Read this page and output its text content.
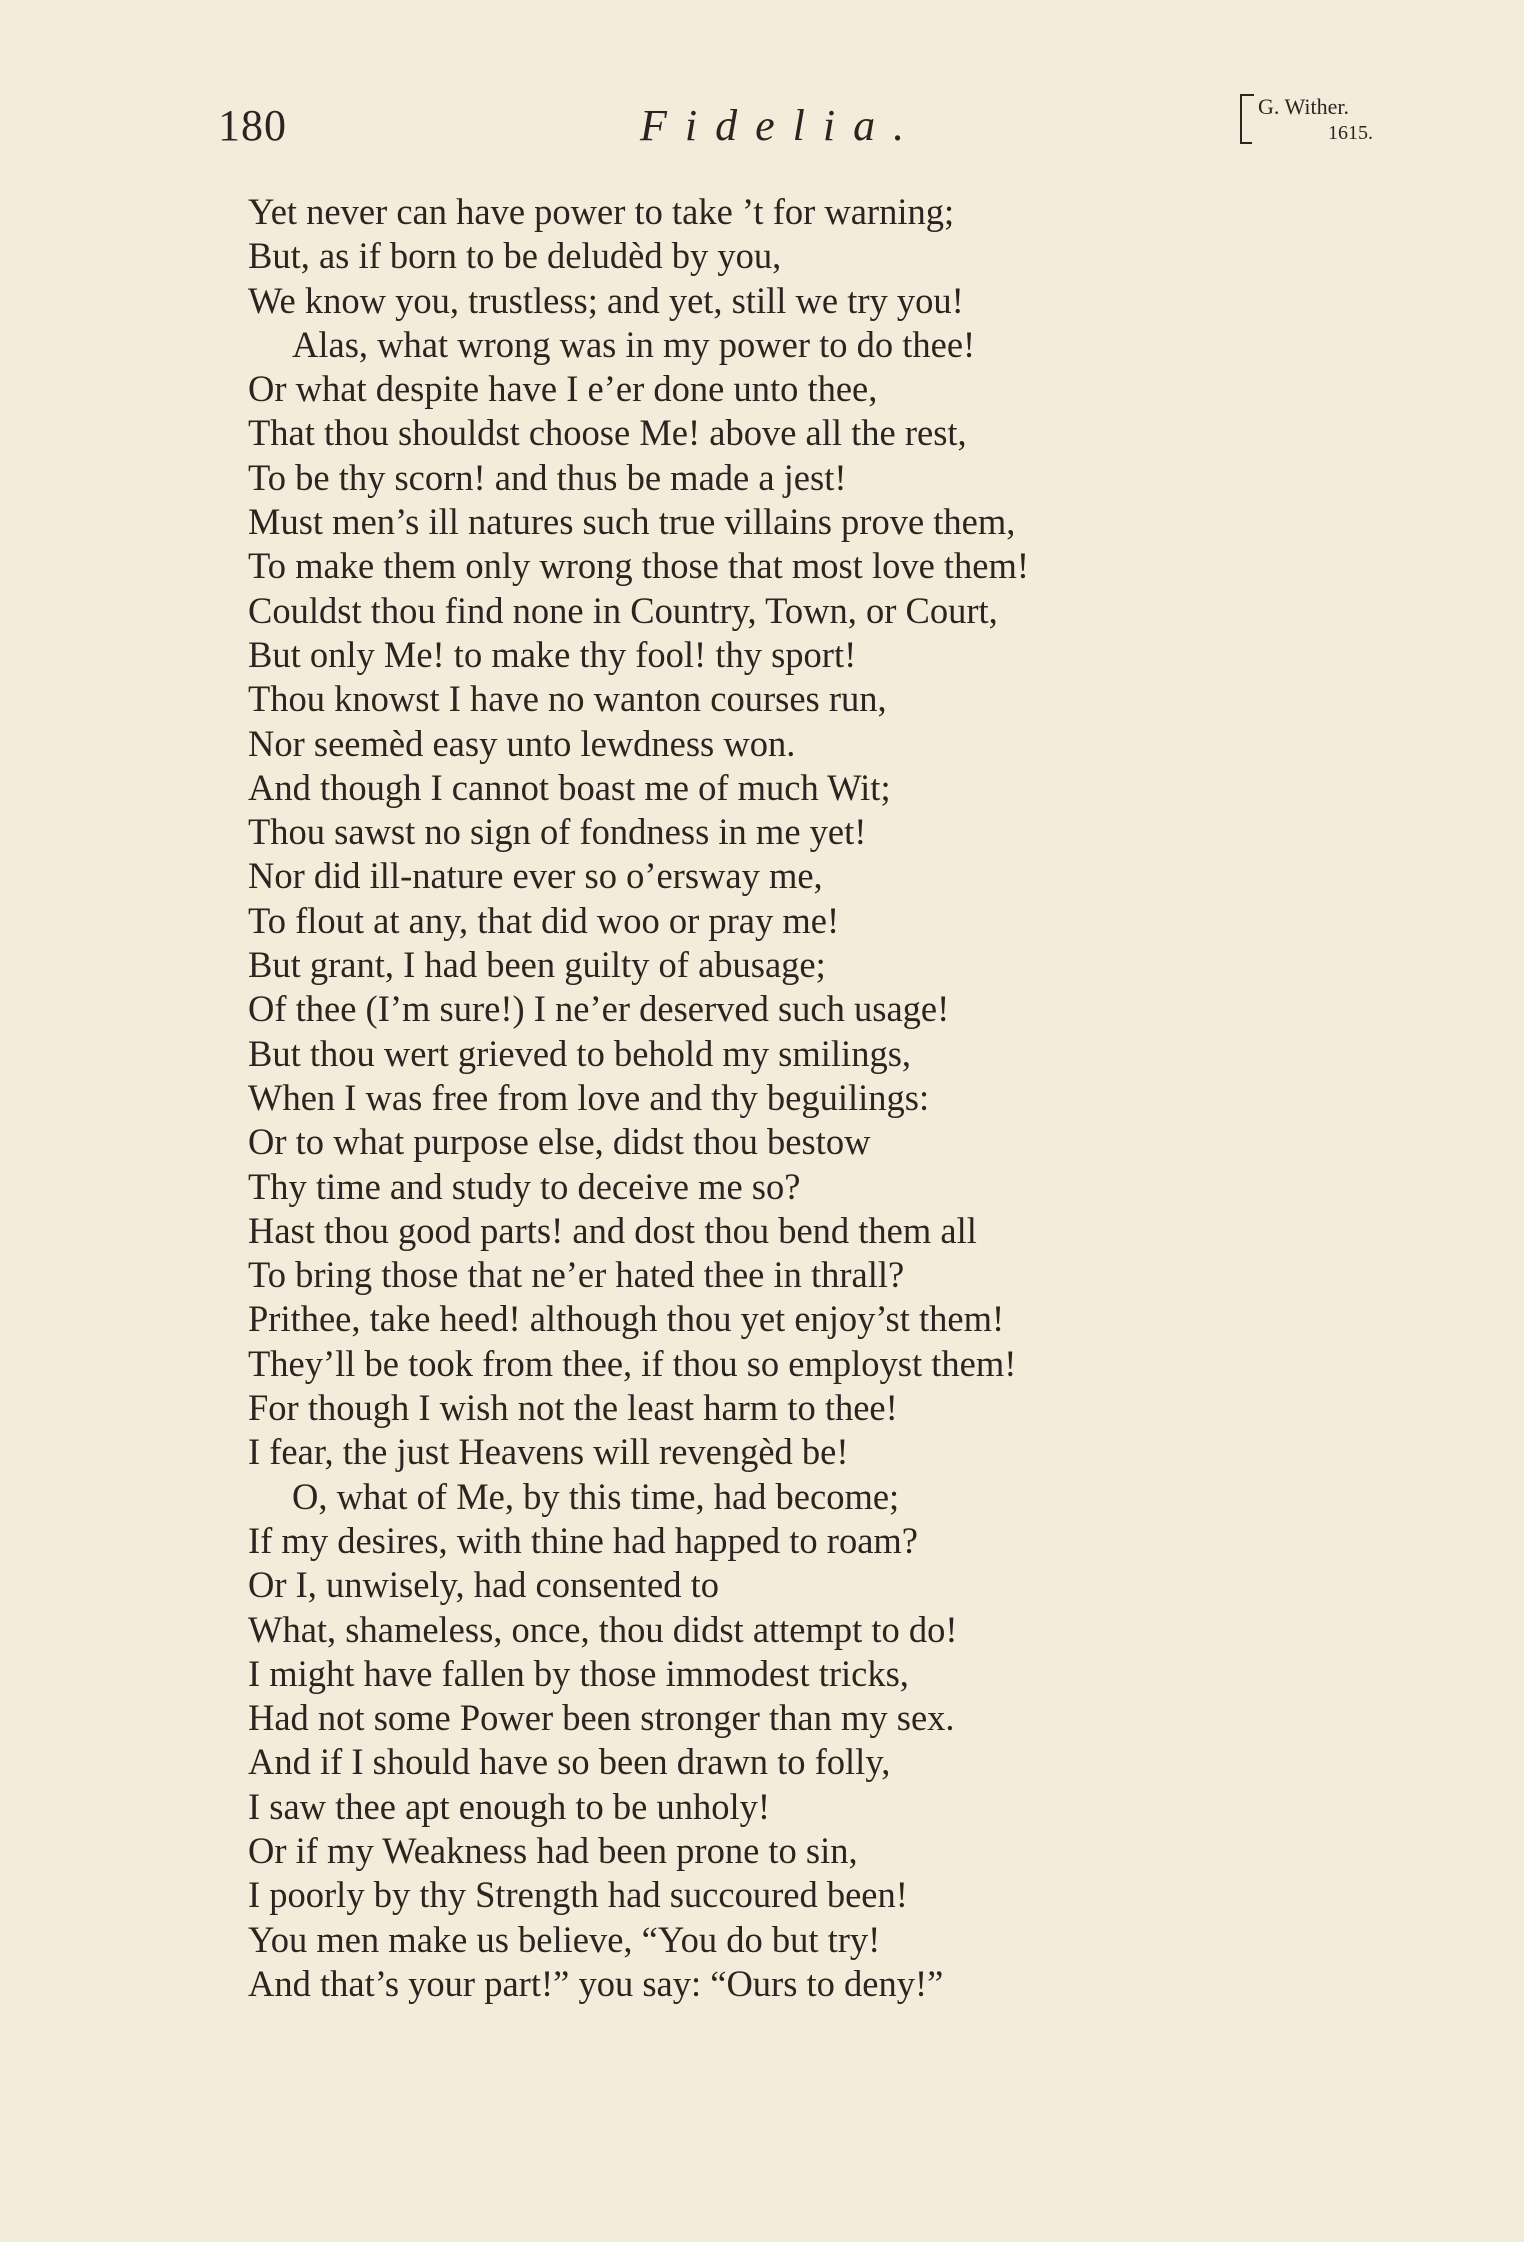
180	Fidelia.	G. Wither.
1615.
Yet never can have power to take ’t for warning;
But, as if born to be deludèd by you,
We know you, trustless; and yet, still we try you!
Alas, what wrong was in my power to do thee!
Or what despite have I e’er done unto thee,
That thou shouldst choose Me! above all the rest,
To be thy scorn! and thus be made a jest!
Must men’s ill natures such true villains prove them,
To make them only wrong those that most love them!
Couldst thou find none in Country, Town, or Court,
But only Me! to make thy fool! thy sport!
Thou knowst I have no wanton courses run,
Nor seemèd easy unto lewdness won.
And though I cannot boast me of much Wit;
Thou sawst no sign of fondness in me yet!
Nor did ill-nature ever so o’ersway me,
To flout at any, that did woo or pray me!
But grant, I had been guilty of abusage;
Of thee (I’m sure!) I ne’er deserved such usage!
But thou wert grieved to behold my smilings,
When I was free from love and thy beguilings:
Or to what purpose else, didst thou bestow
Thy time and study to deceive me so?
Hast thou good parts! and dost thou bend them all
To bring those that ne’er hated thee in thrall?
Prithee, take heed! although thou yet enjoy’st them!
They’ll be took from thee, if thou so employst them!
For though I wish not the least harm to thee!
I fear, the just Heavens will revengèd be!
O, what of Me, by this time, had become;
If my desires, with thine had happed to roam?
Or I, unwisely, had consented to
What, shameless, once, thou didst attempt to do!
I might have fallen by those immodest tricks,
Had not some Power been stronger than my sex.
And if I should have so been drawn to folly,
I saw thee apt enough to be unholy!
Or if my Weakness had been prone to sin,
I poorly by thy Strength had succoured been!
You men make us believe, “You do but try!
And that’s your part!” you say: “Ours to deny!”
